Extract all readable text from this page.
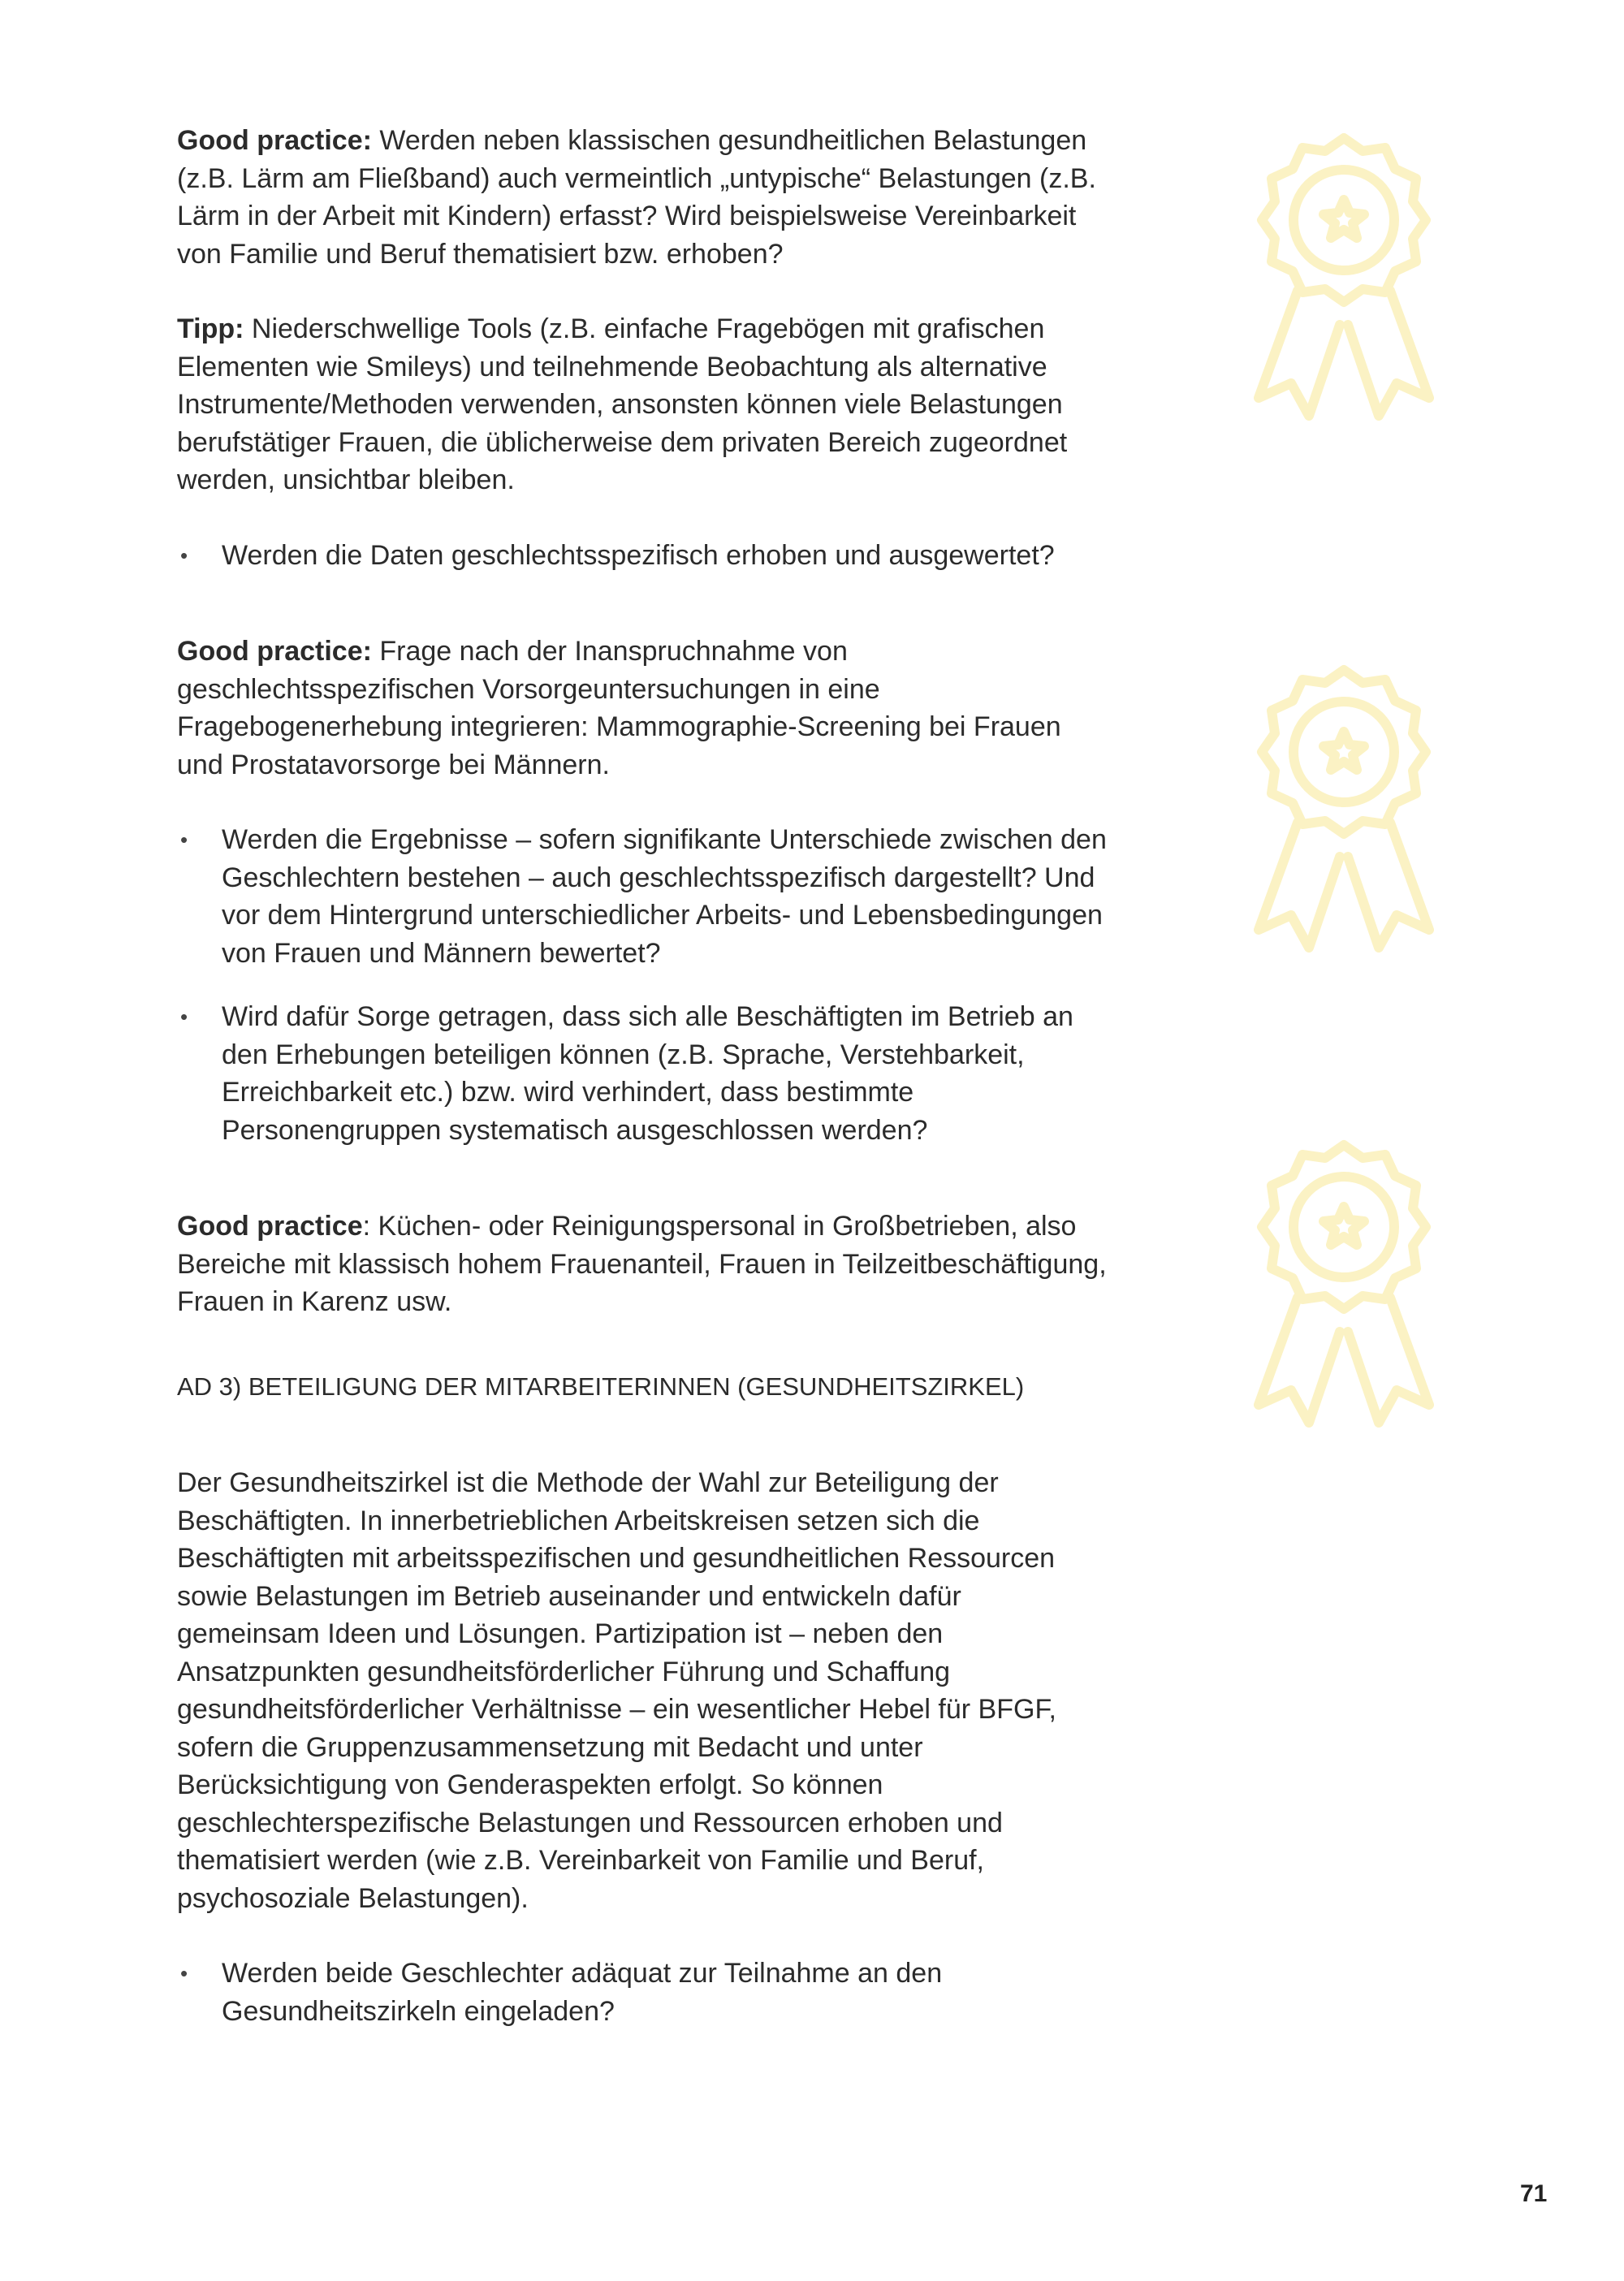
Good practice: Werden neben klassischen gesundheitlichen Belastungen (z.B. Lärm am Fließband) auch vermeintlich „untypische“ Belastungen (z.B. Lärm in der Arbeit mit Kindern) erfasst? Wird beispielsweise Vereinbarkeit von Familie und Beruf thematisiert bzw. erhoben?

Tipp: Niederschwellige Tools (z.B. einfache Fragebögen mit grafischen Elementen wie Smileys) und teilnehmende Beobachtung als alternative Instrumente/Methoden verwenden, ansonsten können viele Belastungen berufstätiger Frauen, die üblicherweise dem privaten Bereich zugeordnet werden, unsichtbar bleiben.

• Werden die Daten geschlechtsspezifisch erhoben und ausgewertet?

Good practice: Frage nach der Inanspruchnahme von geschlechtsspezifischen Vorsorgeuntersuchungen in eine Fragebogenerhebung integrieren: Mammographie-Screening bei Frauen und Prostatavorsorge bei Männern.

• Werden die Ergebnisse – sofern signifikante Unterschiede zwischen den Geschlechtern bestehen – auch geschlechtsspezifisch dargestellt? Und vor dem Hintergrund unterschiedlicher Arbeits- und Lebensbedingungen von Frauen und Männern bewertet?
• Wird dafür Sorge getragen, dass sich alle Beschäftigten im Betrieb an den Erhebungen beteiligen können (z.B. Sprache, Verstehbarkeit, Erreichbarkeit etc.) bzw. wird verhindert, dass bestimmte Personengruppen systematisch ausgeschlossen werden?

Good practice: Küchen- oder Reinigungspersonal in Großbetrieben, also Bereiche mit klassisch hohem Frauenanteil, Frauen in Teilzeitbeschäftigung, Frauen in Karenz usw.

AD 3) BETEILIGUNG DER MITARBEITERINNEN (GESUNDHEITSZIRKEL)

Der Gesundheitszirkel ist die Methode der Wahl zur Beteiligung der Beschäftigten. In innerbetrieblichen Arbeitskreisen setzen sich die Beschäftigten mit arbeitsspezifischen und gesundheitlichen Ressourcen sowie Belastungen im Betrieb auseinander und entwickeln dafür gemeinsam Ideen und Lösungen. Partizipation ist – neben den Ansatzpunkten gesundheitsförderlicher Führung und Schaffung gesundheitsförderlicher Verhältnisse – ein wesentlicher Hebel für BFGF, sofern die Gruppenzusammensetzung mit Bedacht und unter Berücksichtigung von Genderaspekten erfolgt. So können geschlechterspezifische Belastungen und Ressourcen erhoben und thematisiert werden (wie z.B. Vereinbarkeit von Familie und Beruf, psychosoziale Belastungen).

• Werden beide Geschlechter adäquat zur Teilnahme an den Gesundheitszirkeln eingeladen?
71
